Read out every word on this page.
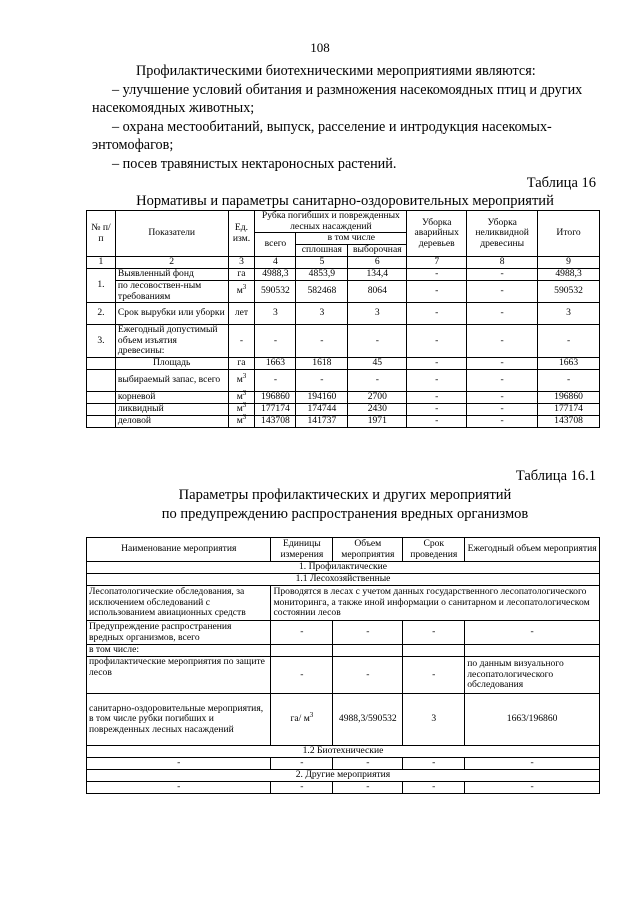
108

Профилактическими биотехническими мероприятиями являются:

– улучшение условий обитания и размножения насекомоядных птиц и других насекомоядных животных;

– охрана местообитаний, выпуск, расселение и интродукция насекомых-энтомофагов;

– посев травянистых нектароносных растений.

Таблица 16
Нормативы и параметры санитарно-оздоровительных мероприятий
№ п/п	Показатели	Ед. изм.	Рубка погибших и поврежденных лесных насаждений			Уборка аварийных деревьев	Уборка неликвидной древесины	Итого
			всего	в том числе				
				сплошная	выборочная			
1	2	3	4	5	6	7	8	9
1.	Выявленный фонд	га	4988,3	4853,9	134,4	-	-	4988,3
	по лесовоствен-ным требованиям	$м^3$	590532	582468	8064	-	-	590532
2.	Срок вырубки или уборки	лет	3	3	3	-	-	3
3.	Ежегодный допустимый объем изъятия древесины:	-	-	-	-	-	-	-
	Площадь	га	1663	1618	45	-	-	1663
	выбираемый запас, всего	$м^3$	-	-	-	-	-	-
	корневой	$м^3$	196860	194160	2700	-	-	196860
	ликвидный	$м^3$	177174	174744	2430	-	-	177174
	деловой	$м^3$	143708	141737	1971	-	-	143708
Таблица 16.1
Параметры профилактических и других мероприятий
по предупреждению распространения вредных организмов
Наименование мероприятия	Единицы измерения	Объем мероприятия	Срок проведения	Ежегодный объем мероприятия
1. Профилактические				
1.1 Лесохозяйственные				
Лесопатологические обследования, за исключением обследований с использованием авиационных средств	Проводятся в лесах с учетом данных государственного лесопатологического мониторинга, а также иной информации о санитарном и лесопатологическом состоянии лесов			
Предупреждение распространения вредных организмов, всего	-	-	-	-
в том числе:				
профилактические мероприятия по защите лесов	-	-	-	по данным визуального лесопатологического обследования
санитарно-оздоровительные мероприятия, в том числе рубки погибших и поврежденных лесных насаждений	га/ $м^3$	4988,3/590532	3	1663/196860
1.2 Биотехнические				
-	-	-	-	-
2. Другие мероприятия				
-	-	-	-	-
